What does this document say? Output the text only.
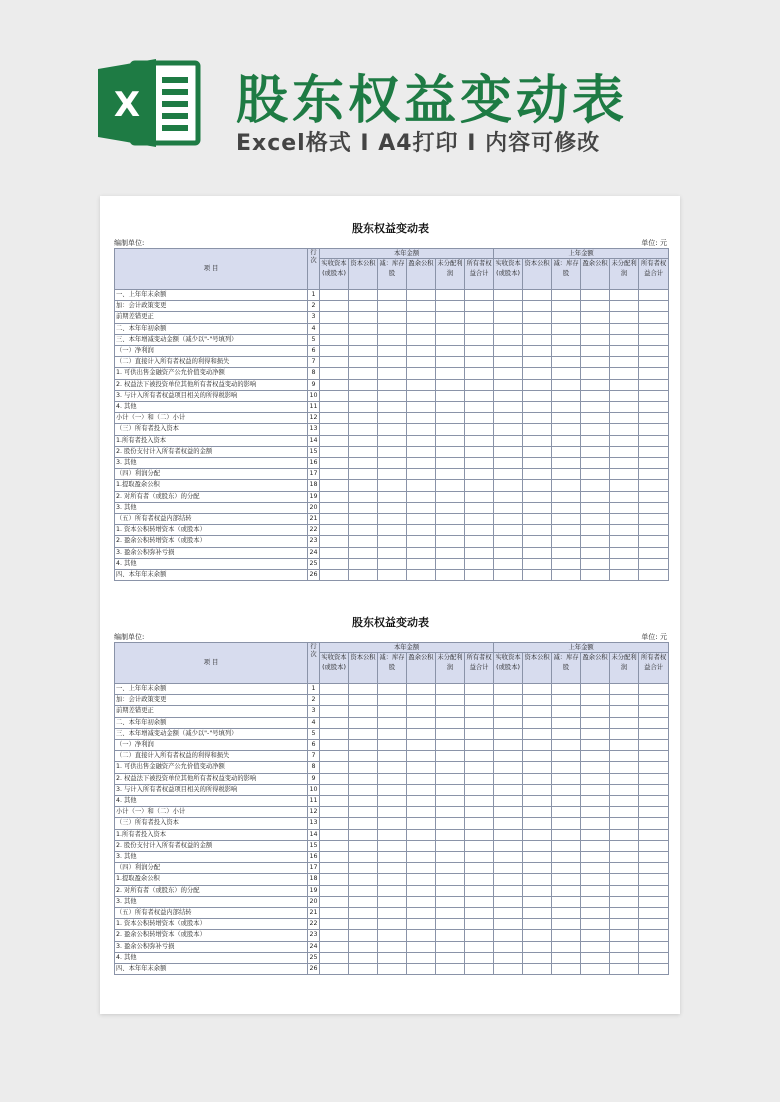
X 股东权益变动表
Excel格式 I A4打印 I 内容可修改
股东权益变动表
编制单位:	单位: 元
项 目	行次	本年金额						上年金额					
		实收资本(或股本)	资本公积	减：库存股	盈余公积	未分配利润	所有者权益合计	实收资本(或股本)	资本公积	减：库存股	盈余公积	未分配利润	所有者权益合计
一、上年年末余额	1												
加：会计政策变更	2												
前期差错更正	3												
二、本年年初余额	4												
三、本年增减变动金额（减少以"-"号填列）	5												
（一）净利润	6												
（二）直接计入所有者权益的利得和损失	7												
1. 可供出售金融资产公允价值变动净额	8												
2. 权益法下被投资单位其他所有者权益变动的影响	9												
3. 与计入所有者权益项目相关的所得税影响	10												
4. 其他	11												
小计（一）和（二）小计	12												
（三）所有者投入资本	13												
1.所有者投入资本	14												
2. 股份支付计入所有者权益的金额	15												
3. 其他	16												
（四）利润分配	17												
1.提取盈余公积	18												
2. 对所有者（或股东）的分配	19												
3. 其他	20												
（五）所有者权益内部结转	21												
1. 资本公积转增资本（或股本）	22												
2. 盈余公积转增资本（或股本）	23												
3. 盈余公积弥补亏损	24												
4. 其他	25												
四、本年年末余额	26												
股东权益变动表
编制单位:	单位: 元
项 目	行次	本年金额						上年金额					
		实收资本(或股本)	资本公积	减：库存股	盈余公积	未分配利润	所有者权益合计	实收资本(或股本)	资本公积	减：库存股	盈余公积	未分配利润	所有者权益合计
一、上年年末余额	1												
加：会计政策变更	2												
前期差错更正	3												
二、本年年初余额	4												
三、本年增减变动金额（减少以"-"号填列）	5												
（一）净利润	6												
（二）直接计入所有者权益的利得和损失	7												
1. 可供出售金融资产公允价值变动净额	8												
2. 权益法下被投资单位其他所有者权益变动的影响	9												
3. 与计入所有者权益项目相关的所得税影响	10												
4. 其他	11												
小计（一）和（二）小计	12												
（三）所有者投入资本	13												
1.所有者投入资本	14												
2. 股份支付计入所有者权益的金额	15												
3. 其他	16												
（四）利润分配	17												
1.提取盈余公积	18												
2. 对所有者（或股东）的分配	19												
3. 其他	20												
（五）所有者权益内部结转	21												
1. 资本公积转增资本（或股本）	22												
2. 盈余公积转增资本（或股本）	23												
3. 盈余公积弥补亏损	24												
4. 其他	25												
四、本年年末余额	26												
